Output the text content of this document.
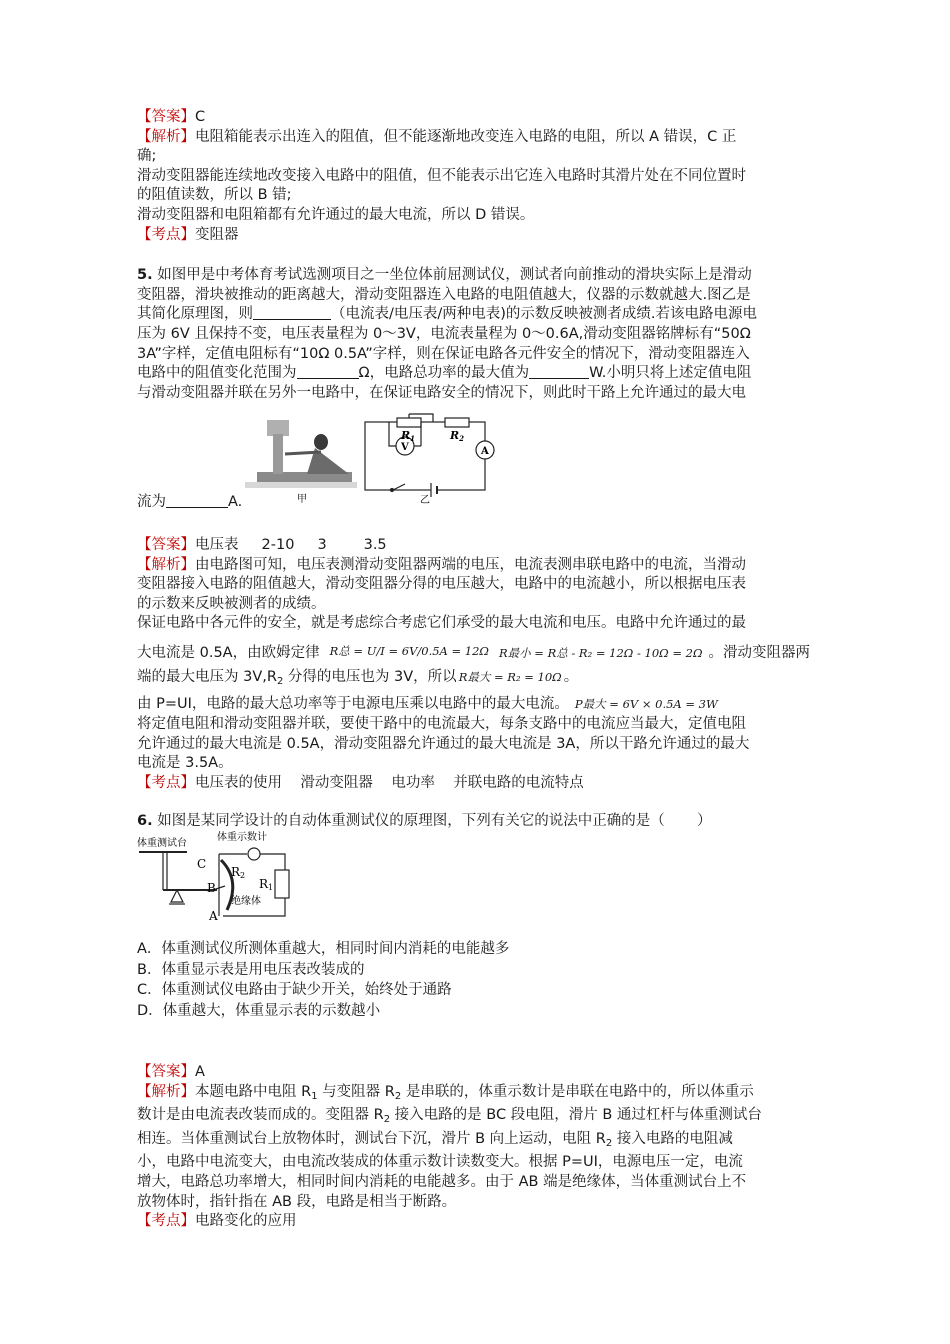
【答案】C

【解析】电阻箱能表示出连入的阻值，但不能逐渐地改变连入电路的电阻，所以 A 错误，C 正

确;

滑动变阻器能连续地改变接入电路中的阻值，但不能表示出它连入电路时其滑片处在不同位置时

的阻值读数，所以 B 错;

滑动变阻器和电阻箱都有允许通过的最大电流，所以 D 错误。

【考点】变阻器

5. 如图甲是中考体育考试选测项目之一坐位体前屈测试仪，测试者向前推动的滑块实际上是滑动

变阻器，滑块被推动的距离越大，滑动变阻器连入电路的电阻值越大，仪器的示数就越大.图乙是

其简化原理图，则	（电流表/电压表/两种电表)的示数反映被测者成绩.若该电路电源电

压为 6V 且保持不变，电压表量程为 0～3V，电流表量程为 0～0.6A,滑动变阻器铭牌标有“50Ω

3A”字样，定值电阻标有“10Ω 0.5A”字样，则在保证电路各元件安全的情况下，滑动变阻器连入

电路中的阻值变化范围为	Ω，电路总功率的最大值为	W.小明只将上述定值电阻

与滑动变阻器并联在另外一电路中，在保证电路安全的情况下，则此时干路上允许通过的最大电

流为	A.

【答案】电压表     2-10     3        3.5

【解析】由电路图可知，电压表测滑动变阻器两端的电压，电流表测串联电路中的电流，当滑动

变阻器接入电路的阻值越大，滑动变阻器分得的电压越大，电路中的电流越小，所以根据电压表

的示数来反映被测者的成绩。

保证电路中各元件的安全，就是考虑综合考虑它们承受的最大电流和电压。电路中允许通过的最

大电流是 0.5A，由欧姆定律 R总 = U/I = 6V/0.5A = 12Ω R最小 = R总 - R₂ = 12Ω - 10Ω = 2Ω 。滑动变阻器两

端的最大电压为 $3V,R_2$ 分得的电压也为 3V，所以 R最大 = R₂ = 10Ω 。

由 P=UI，电路的最大总功率等于电源电压乘以电路中的最大电流。 P最大 = 6V × 0.5A = 3W

将定值电阻和滑动变阻器并联，要使干路中的电流最大，每条支路中的电流应当最大，定值电阻

允许通过的最大电流是 0.5A，滑动变阻器允许通过的最大电流是 3A，所以干路允许通过的最大

电流是 3.5A。

【考点】电压表的使用    滑动变阻器    电功率    并联电路的电流特点

6. 如图是某同学设计的自动体重测试仪的原理图，下列有关它的说法中正确的是（       ）

A．体重测试仪所测体重越大，相同时间内消耗的电能越多

B．体重显示表是用电压表改装成的

C．体重测试仪电路由于缺少开关，始终处于通路

D．体重越大，体重显示表的示数越小

【答案】A

【解析】本题电路中电阻 $R_1$ 与变阻器 $R_2$ 是串联的，体重示数计是串联在电路中的，所以体重示

数计是由电流表改装而成的。变阻器 $R_2$ 接入电路的是 BC 段电阻，滑片 B 通过杠杆与体重测试台

相连。当体重测试台上放物体时，测试台下沉，滑片 B 向上运动，电阻 $R_2$ 接入电路的电阻减

小，电路中电流变大，由电流改装成的体重示数计读数变大。根据 P=UI，电源电压一定，电流

增大，电路总功率增大，相同时间内消耗的电能越多。由于 AB 端是绝缘体，当体重测试台上不

放物体时，指针指在 AB 段，电路是相当于断路。

【考点】电路变化的应用

甲
R1	R2
V	A
乙
体重测试台
体重示数计
C
B
A
R2
R1
绝缘体
